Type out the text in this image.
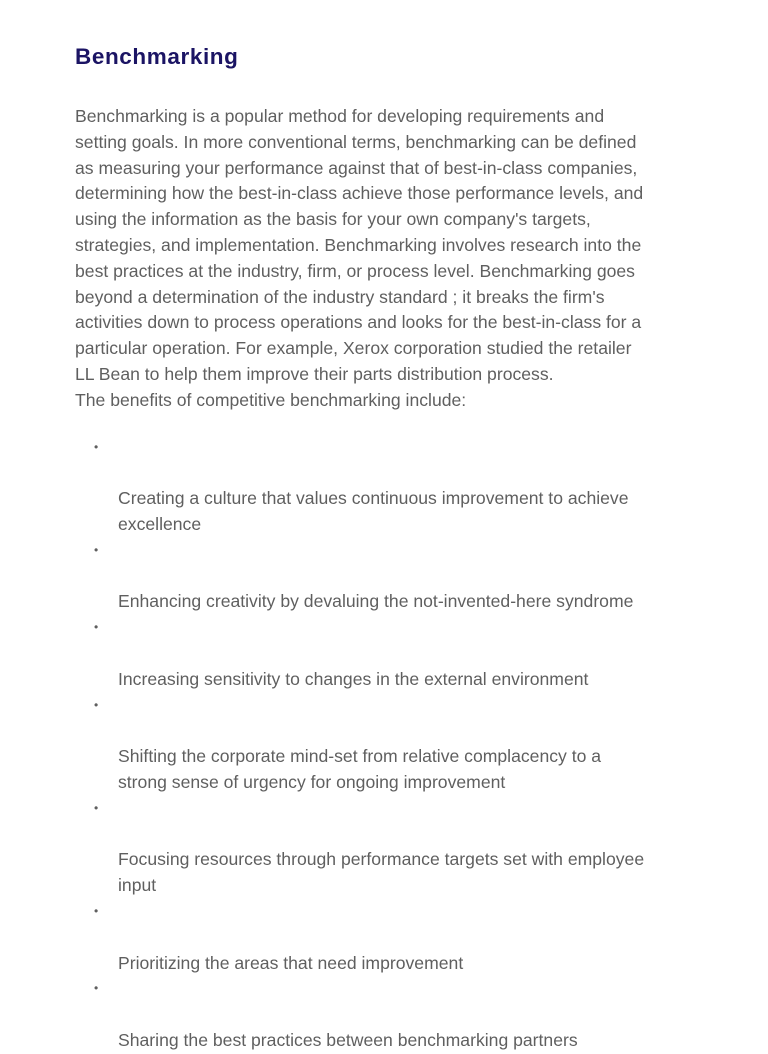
Benchmarking

Benchmarking is a popular method for developing requirements and
setting goals. In more conventional terms, benchmarking can be defined
as measuring your performance against that of best-in-class companies,
determining how the best-in-class achieve those performance levels, and
using the information as the basis for your own company's targets,
strategies, and implementation. Benchmarking involves research into the
best practices at the industry, firm, or process level. Benchmarking goes
beyond a determination of the industry standard ; it breaks the firm's
activities down to process operations and looks for the best-in-class for a
particular operation. For example, Xerox corporation studied the retailer
LL Bean to help them improve their parts distribution process.

The benefits of competitive benchmarking include:

•

Creating a culture that values continuous improvement to achieve
excellence

•

Enhancing creativity by devaluing the not-invented-here syndrome

•

Increasing sensitivity to changes in the external environment

•

Shifting the corporate mind-set from relative complacency to a
strong sense of urgency for ongoing improvement

•

Focusing resources through performance targets set with employee
input

•

Prioritizing the areas that need improvement

•

Sharing the best practices between benchmarking partners
